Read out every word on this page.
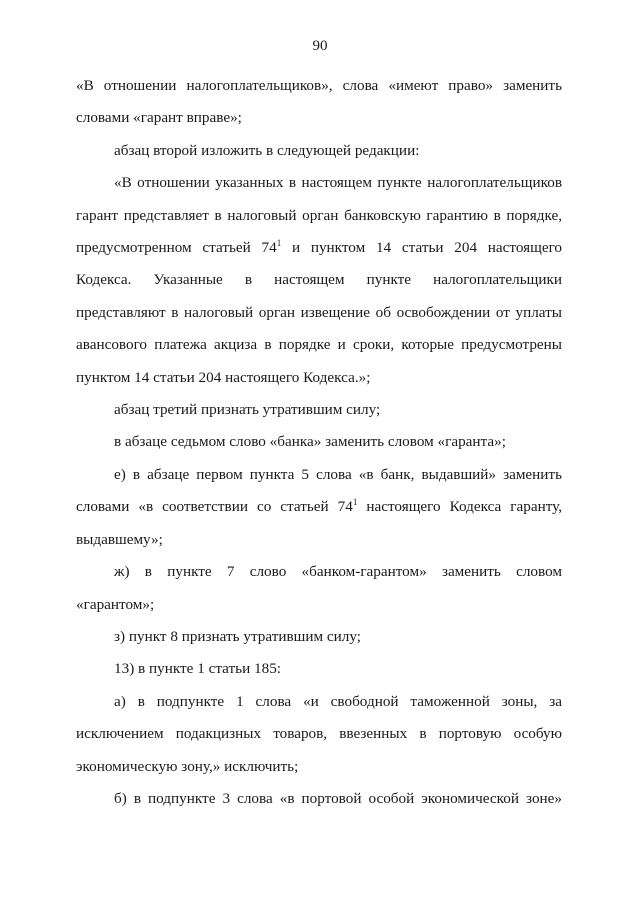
90

«В отношении налогоплательщиков», слова «имеют право» заменить словами «гарант вправе»;

абзац второй изложить в следующей редакции:

«В отношении указанных в настоящем пункте налогоплательщиков гарант представляет в налоговый орган банковскую гарантию в порядке, предусмотренном статьей $74^1$ и пунктом 14 статьи 204 настоящего Кодекса. Указанные в настоящем пункте налогоплательщики представляют в налоговый орган извещение об освобождении от уплаты авансового платежа акциза в порядке и сроки, которые предусмотрены пунктом 14 статьи 204 настоящего Кодекса.»;

абзац третий признать утратившим силу;

в абзаце седьмом слово «банка» заменить словом «гаранта»;

е) в абзаце первом пункта 5 слова «в банк, выдавший» заменить словами «в соответствии со статьей $74^1$ настоящего Кодекса гаранту, выдавшему»;

ж) в пункте 7 слово «банком-гарантом» заменить словом «гарантом»;

з) пункт 8 признать утратившим силу;

13) в пункте 1 статьи 185:

а) в подпункте 1 слова «и свободной таможенной зоны, за исключением подакцизных товаров, ввезенных в портовую особую экономическую зону,» исключить;

б) в подпункте 3 слова «в портовой особой экономической зоне»
